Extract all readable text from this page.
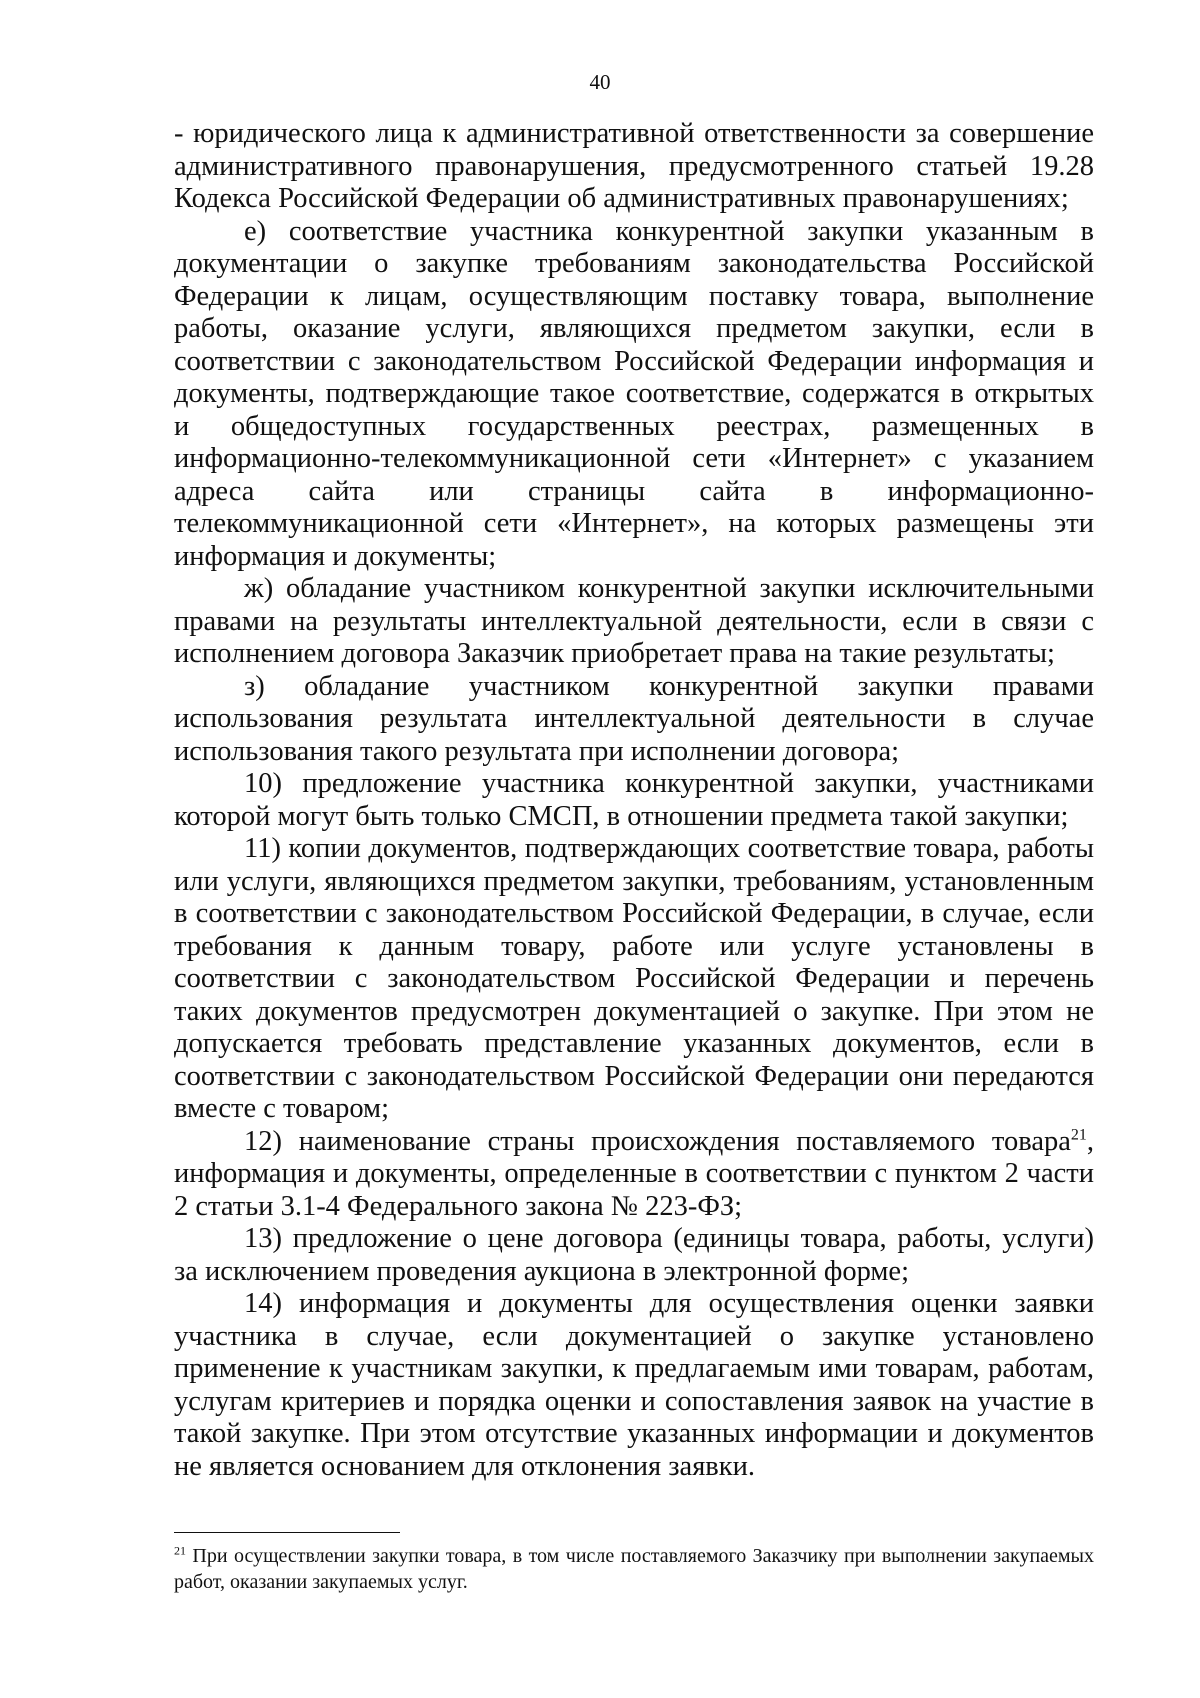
40

- юридического лица к административной ответственности за совершение административного правонарушения, предусмотренного статьей 19.28 Кодекса Российской Федерации об административных правонарушениях;

е) соответствие участника конкурентной закупки указанным в документации о закупке требованиям законодательства Российской Федерации к лицам, осуществляющим поставку товара, выполнение работы, оказание услуги, являющихся предметом закупки, если в соответствии с законодательством Российской Федерации информация и документы, подтверждающие такое соответствие, содержатся в открытых и общедоступных государственных реестрах, размещенных в информационно-телекоммуникационной сети «Интернет» с указанием адреса сайта или страницы сайта в информационно-телекоммуникационной сети «Интернет», на которых размещены эти информация и документы;

ж) обладание участником конкурентной закупки исключительными правами на результаты интеллектуальной деятельности, если в связи с исполнением договора Заказчик приобретает права на такие результаты;

з) обладание участником конкурентной закупки правами использования результата интеллектуальной деятельности в случае использования такого результата при исполнении договора;

10) предложение участника конкурентной закупки, участниками которой могут быть только СМСП, в отношении предмета такой закупки;

11) копии документов, подтверждающих соответствие товара, работы или услуги, являющихся предметом закупки, требованиям, установленным в соответствии с законодательством Российской Федерации, в случае, если требования к данным товару, работе или услуге установлены в соответствии с законодательством Российской Федерации и перечень таких документов предусмотрен документацией о закупке. При этом не допускается требовать представление указанных документов, если в соответствии с законодательством Российской Федерации они передаются вместе с товаром;

12) наименование страны происхождения поставляемого товара$^{21}$, информация и документы, определенные в соответствии с пунктом 2 части 2 статьи 3.1-4 Федерального закона № 223-ФЗ;

13) предложение о цене договора (единицы товара, работы, услуги) за исключением проведения аукциона в электронной форме;

14) информация и документы для осуществления оценки заявки участника в случае, если документацией о закупке установлено применение к участникам закупки, к предлагаемым ими товарам, работам, услугам критериев и порядка оценки и сопоставления заявок на участие в такой закупке. При этом отсутствие указанных информации и документов не является основанием для отклонения заявки.

$^{21}$ При осуществлении закупки товара, в том числе поставляемого Заказчику при выполнении закупаемых работ, оказании закупаемых услуг.
